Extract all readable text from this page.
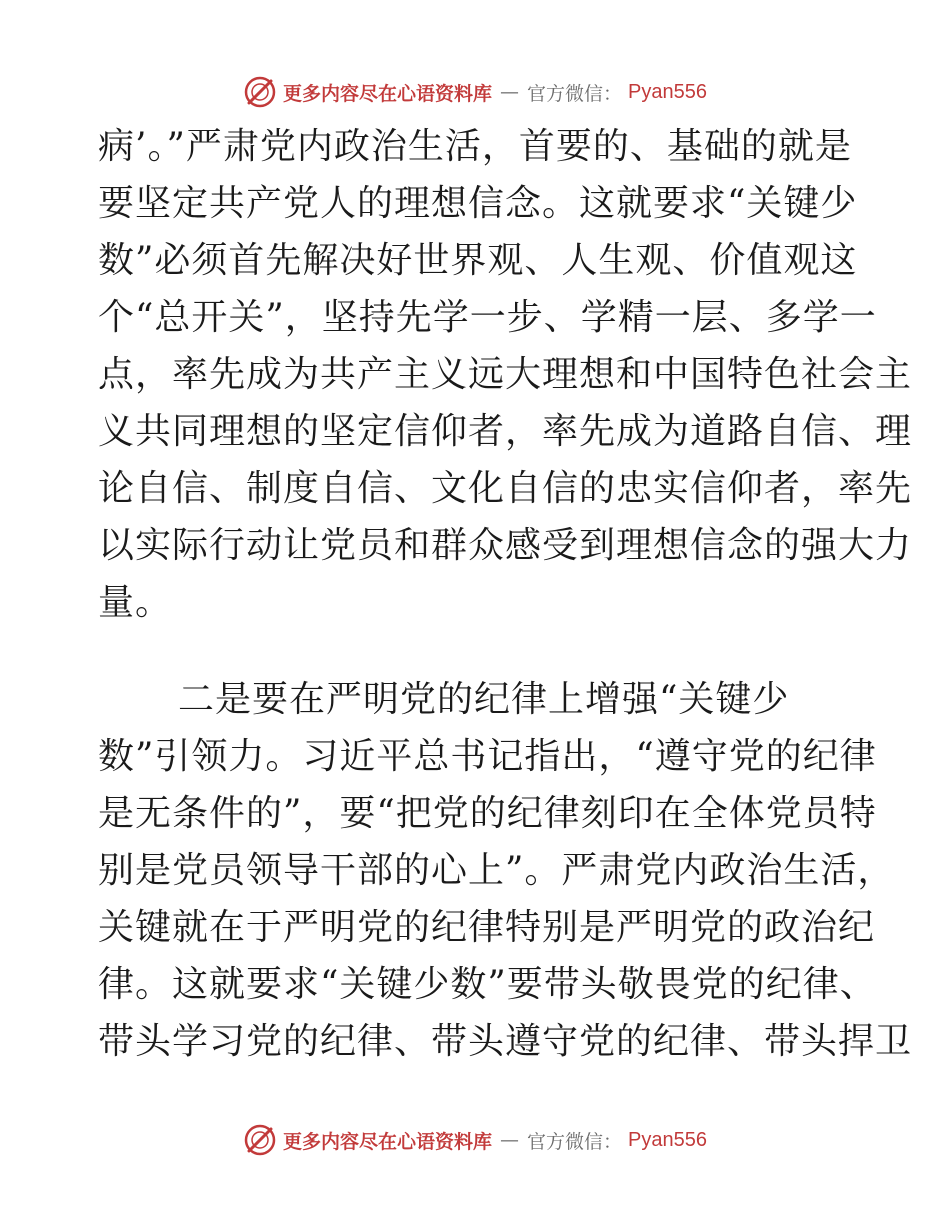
更多内容尽在心语资料库 — 官方微信： Pyan556
病’。”严肃党内政治生活，首要的、基础的就是
要坚定共产党人的理想信念。这就要求“关键少
数”必须首先解决好世界观、人生观、价值观这
个“总开关”，坚持先学一步、学精一层、多学一
点，率先成为共产主义远大理想和中国特色社会主
义共同理想的坚定信仰者，率先成为道路自信、理
论自信、制度自信、文化自信的忠实信仰者，率先
以实际行动让党员和群众感受到理想信念的强大力
量。
二是要在严明党的纪律上增强“关键少
数”引领力。习近平总书记指出，“遵守党的纪律
是无条件的”，要“把党的纪律刻印在全体党员特
别是党员领导干部的心上”。严肃党内政治生活，
关键就在于严明党的纪律特别是严明党的政治纪
律。这就要求“关键少数”要带头敬畏党的纪律、
带头学习党的纪律、带头遵守党的纪律、带头捍卫
更多内容尽在心语资料库 — 官方微信： Pyan556
